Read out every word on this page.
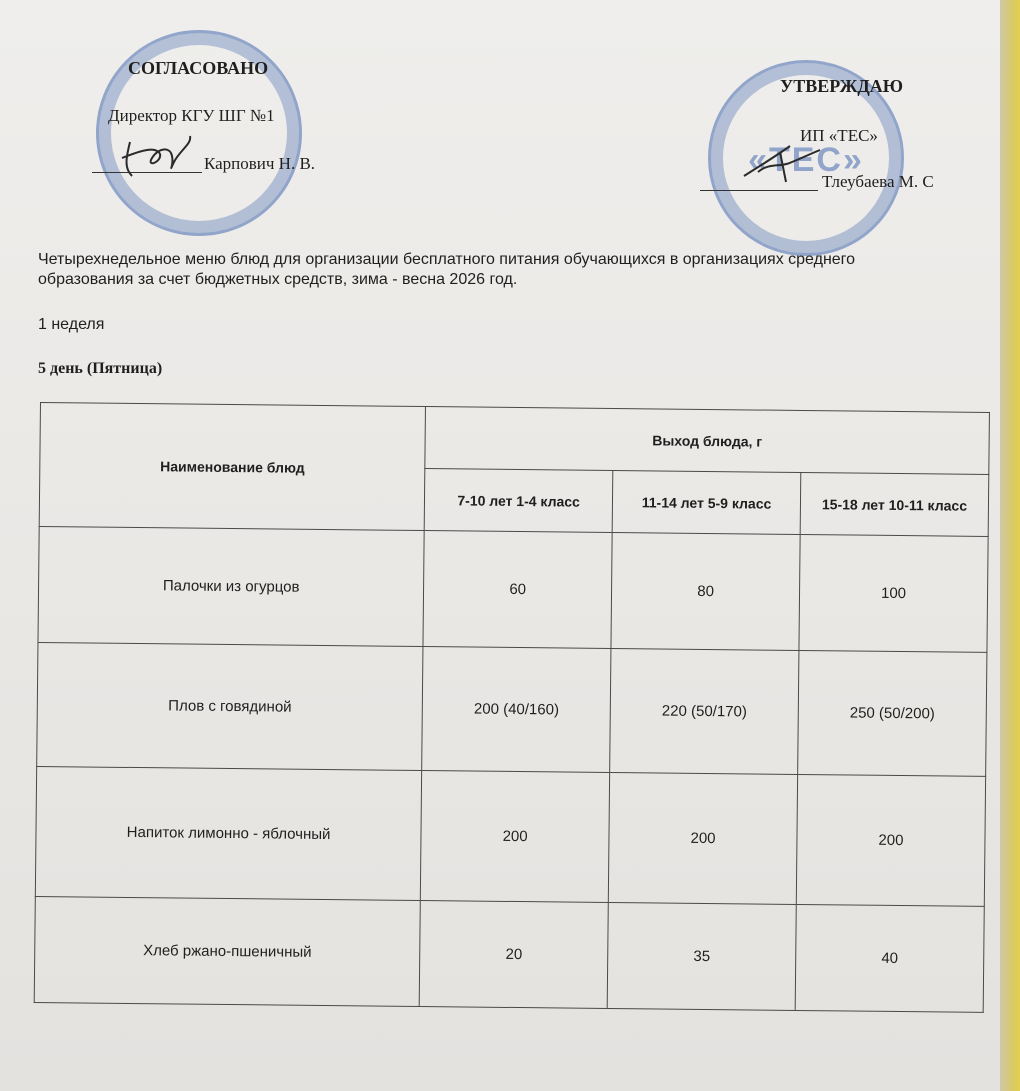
СОГЛАСОВАНО
Директор КГУ ШГ №1
Карпович Н. В.	«ТЕС»
УТВЕРЖДАЮ
ИП «ТЕС»
Тлеубаева М. С
Четырехнедельное меню блюд для организации бесплатного питания обучающихся в организациях среднего
образования за счет бюджетных средств, зима - весна 2026 год.
1 неделя
5 день (Пятница)
Наименование блюд	Выход блюда, г		
	7-10 лет 1-4 класс	11-14 лет 5-9 класс	15-18 лет 10-11 класс
Палочки из огурцов	60	80	100
Плов с говядиной	200 (40/160)	220 (50/170)	250 (50/200)
Напиток лимонно - яблочный	200	200	200
Хлеб ржано-пшеничный	20	35	40
